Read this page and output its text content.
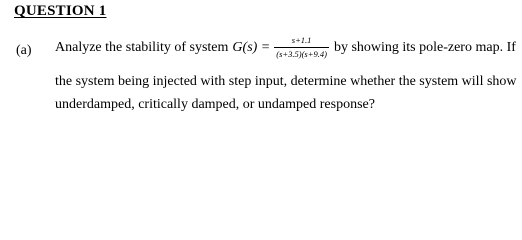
QUESTION 1
(a) Analyze the stability of system $G(s) = \frac{s+1.1}{(s+3.5)(s+9.4)}$ by showing its pole-zero map. If
the system being injected with step input, determine whether the system will show
underdamped, critically damped, or undamped response?
